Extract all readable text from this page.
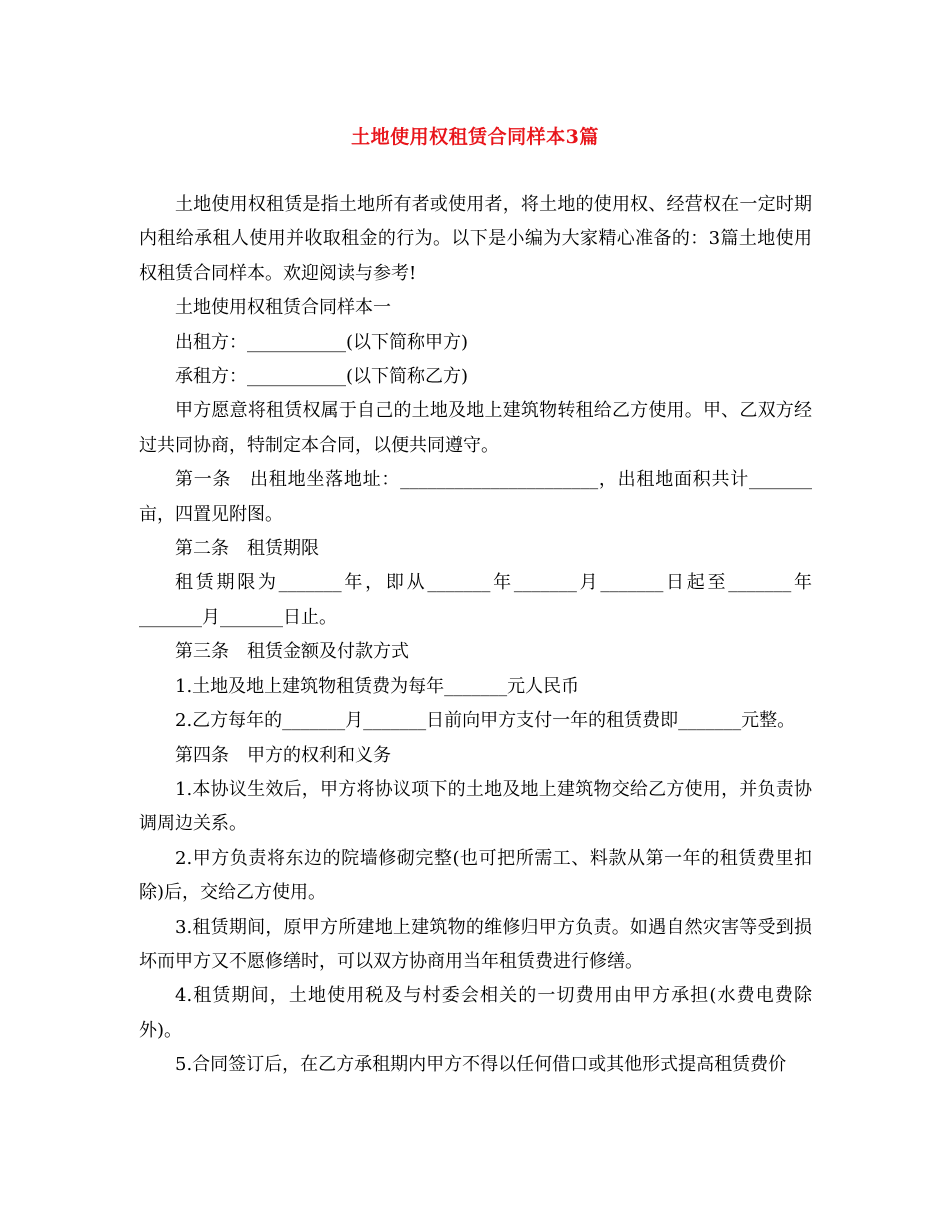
土地使用权租赁合同样本3篇

土地使用权租赁是指土地所有者或使用者，将土地的使用权、经营权在一定时期内租给承租人使用并收取租金的行为。以下是小编为大家精心准备的：3篇土地使用权租赁合同样本。欢迎阅读与参考!

土地使用权租赁合同样本一

出租方：___________(以下简称甲方)

承租方：___________(以下简称乙方)

甲方愿意将租赁权属于自己的土地及地上建筑物转租给乙方使用。甲、乙双方经过共同协商，特制定本合同，以便共同遵守。

第一条　出租地坐落地址：______________________，出租地面积共计_______亩，四置见附图。

第二条　租赁期限

租赁期限为_______年，即从_______年_______月_______日起至_______年_______月_______日止。

第三条　租赁金额及付款方式

1.土地及地上建筑物租赁费为每年_______元人民币

2.乙方每年的_______月_______日前向甲方支付一年的租赁费即_______元整。

第四条　甲方的权利和义务

1.本协议生效后，甲方将协议项下的土地及地上建筑物交给乙方使用，并负责协调周边关系。

2.甲方负责将东边的院墙修砌完整(也可把所需工、料款从第一年的租赁费里扣除)后，交给乙方使用。

3.租赁期间，原甲方所建地上建筑物的维修归甲方负责。如遇自然灾害等受到损坏而甲方又不愿修缮时，可以双方协商用当年租赁费进行修缮。

4.租赁期间，土地使用税及与村委会相关的一切费用由甲方承担(水费电费除外)。

5.合同签订后，在乙方承租期内甲方不得以任何借口或其他形式提高租赁费价
